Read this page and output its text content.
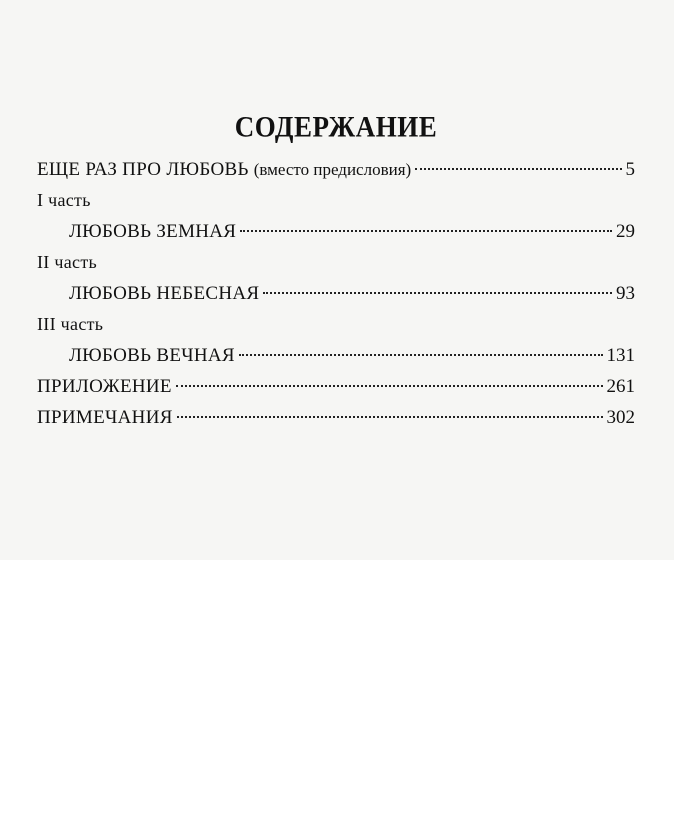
СОДЕРЖАНИЕ
ЕЩЕ РАЗ ПРО ЛЮБОВЬ (вместо предисловия)	5
I часть
ЛЮБОВЬ ЗЕМНАЯ	29
II часть
ЛЮБОВЬ НЕБЕСНАЯ	93
III часть
ЛЮБОВЬ ВЕЧНАЯ	131
ПРИЛОЖЕНИЕ	261
ПРИМЕЧАНИЯ	302
